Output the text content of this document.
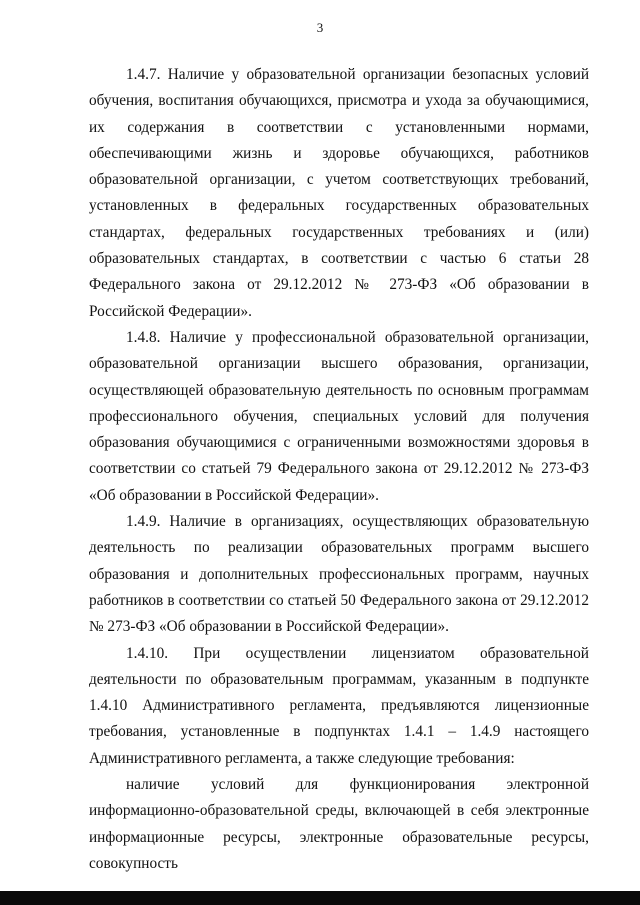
3

1.4.7. Наличие у образовательной организации безопасных условий обучения, воспитания обучающихся, присмотра и ухода за обучающимися, их содержания в соответствии с установленными нормами, обеспечивающими жизнь и здоровье обучающихся, работников образовательной организации, с учетом соответствующих требований, установленных в федеральных государственных образовательных стандартах, федеральных государственных требованиях и (или) образовательных стандартах, в соответствии с частью 6 статьи 28 Федерального закона от 29.12.2012 № 273-ФЗ «Об образовании в Российской Федерации».

1.4.8. Наличие у профессиональной образовательной организации, образовательной организации высшего образования, организации, осуществляющей образовательную деятельность по основным программам профессионального обучения, специальных условий для получения образования обучающимися с ограниченными возможностями здоровья в соответствии со статьей 79 Федерального закона от 29.12.2012 № 273-ФЗ «Об образовании в Российской Федерации».

1.4.9. Наличие в организациях, осуществляющих образовательную деятельность по реализации образовательных программ высшего образования и дополнительных профессиональных программ, научных работников в соответствии со статьей 50 Федерального закона от 29.12.2012 № 273-ФЗ «Об образовании в Российской Федерации».

1.4.10. При осуществлении лицензиатом образовательной деятельности по образовательным программам, указанным в подпункте 1.4.10 Административного регламента, предъявляются лицензионные требования, установленные в подпунктах 1.4.1 – 1.4.9 настоящего Административного регламента, а также следующие требования:

наличие условий для функционирования электронной информационно-образовательной среды, включающей в себя электронные информационные ресурсы, электронные образовательные ресурсы, совокупность
